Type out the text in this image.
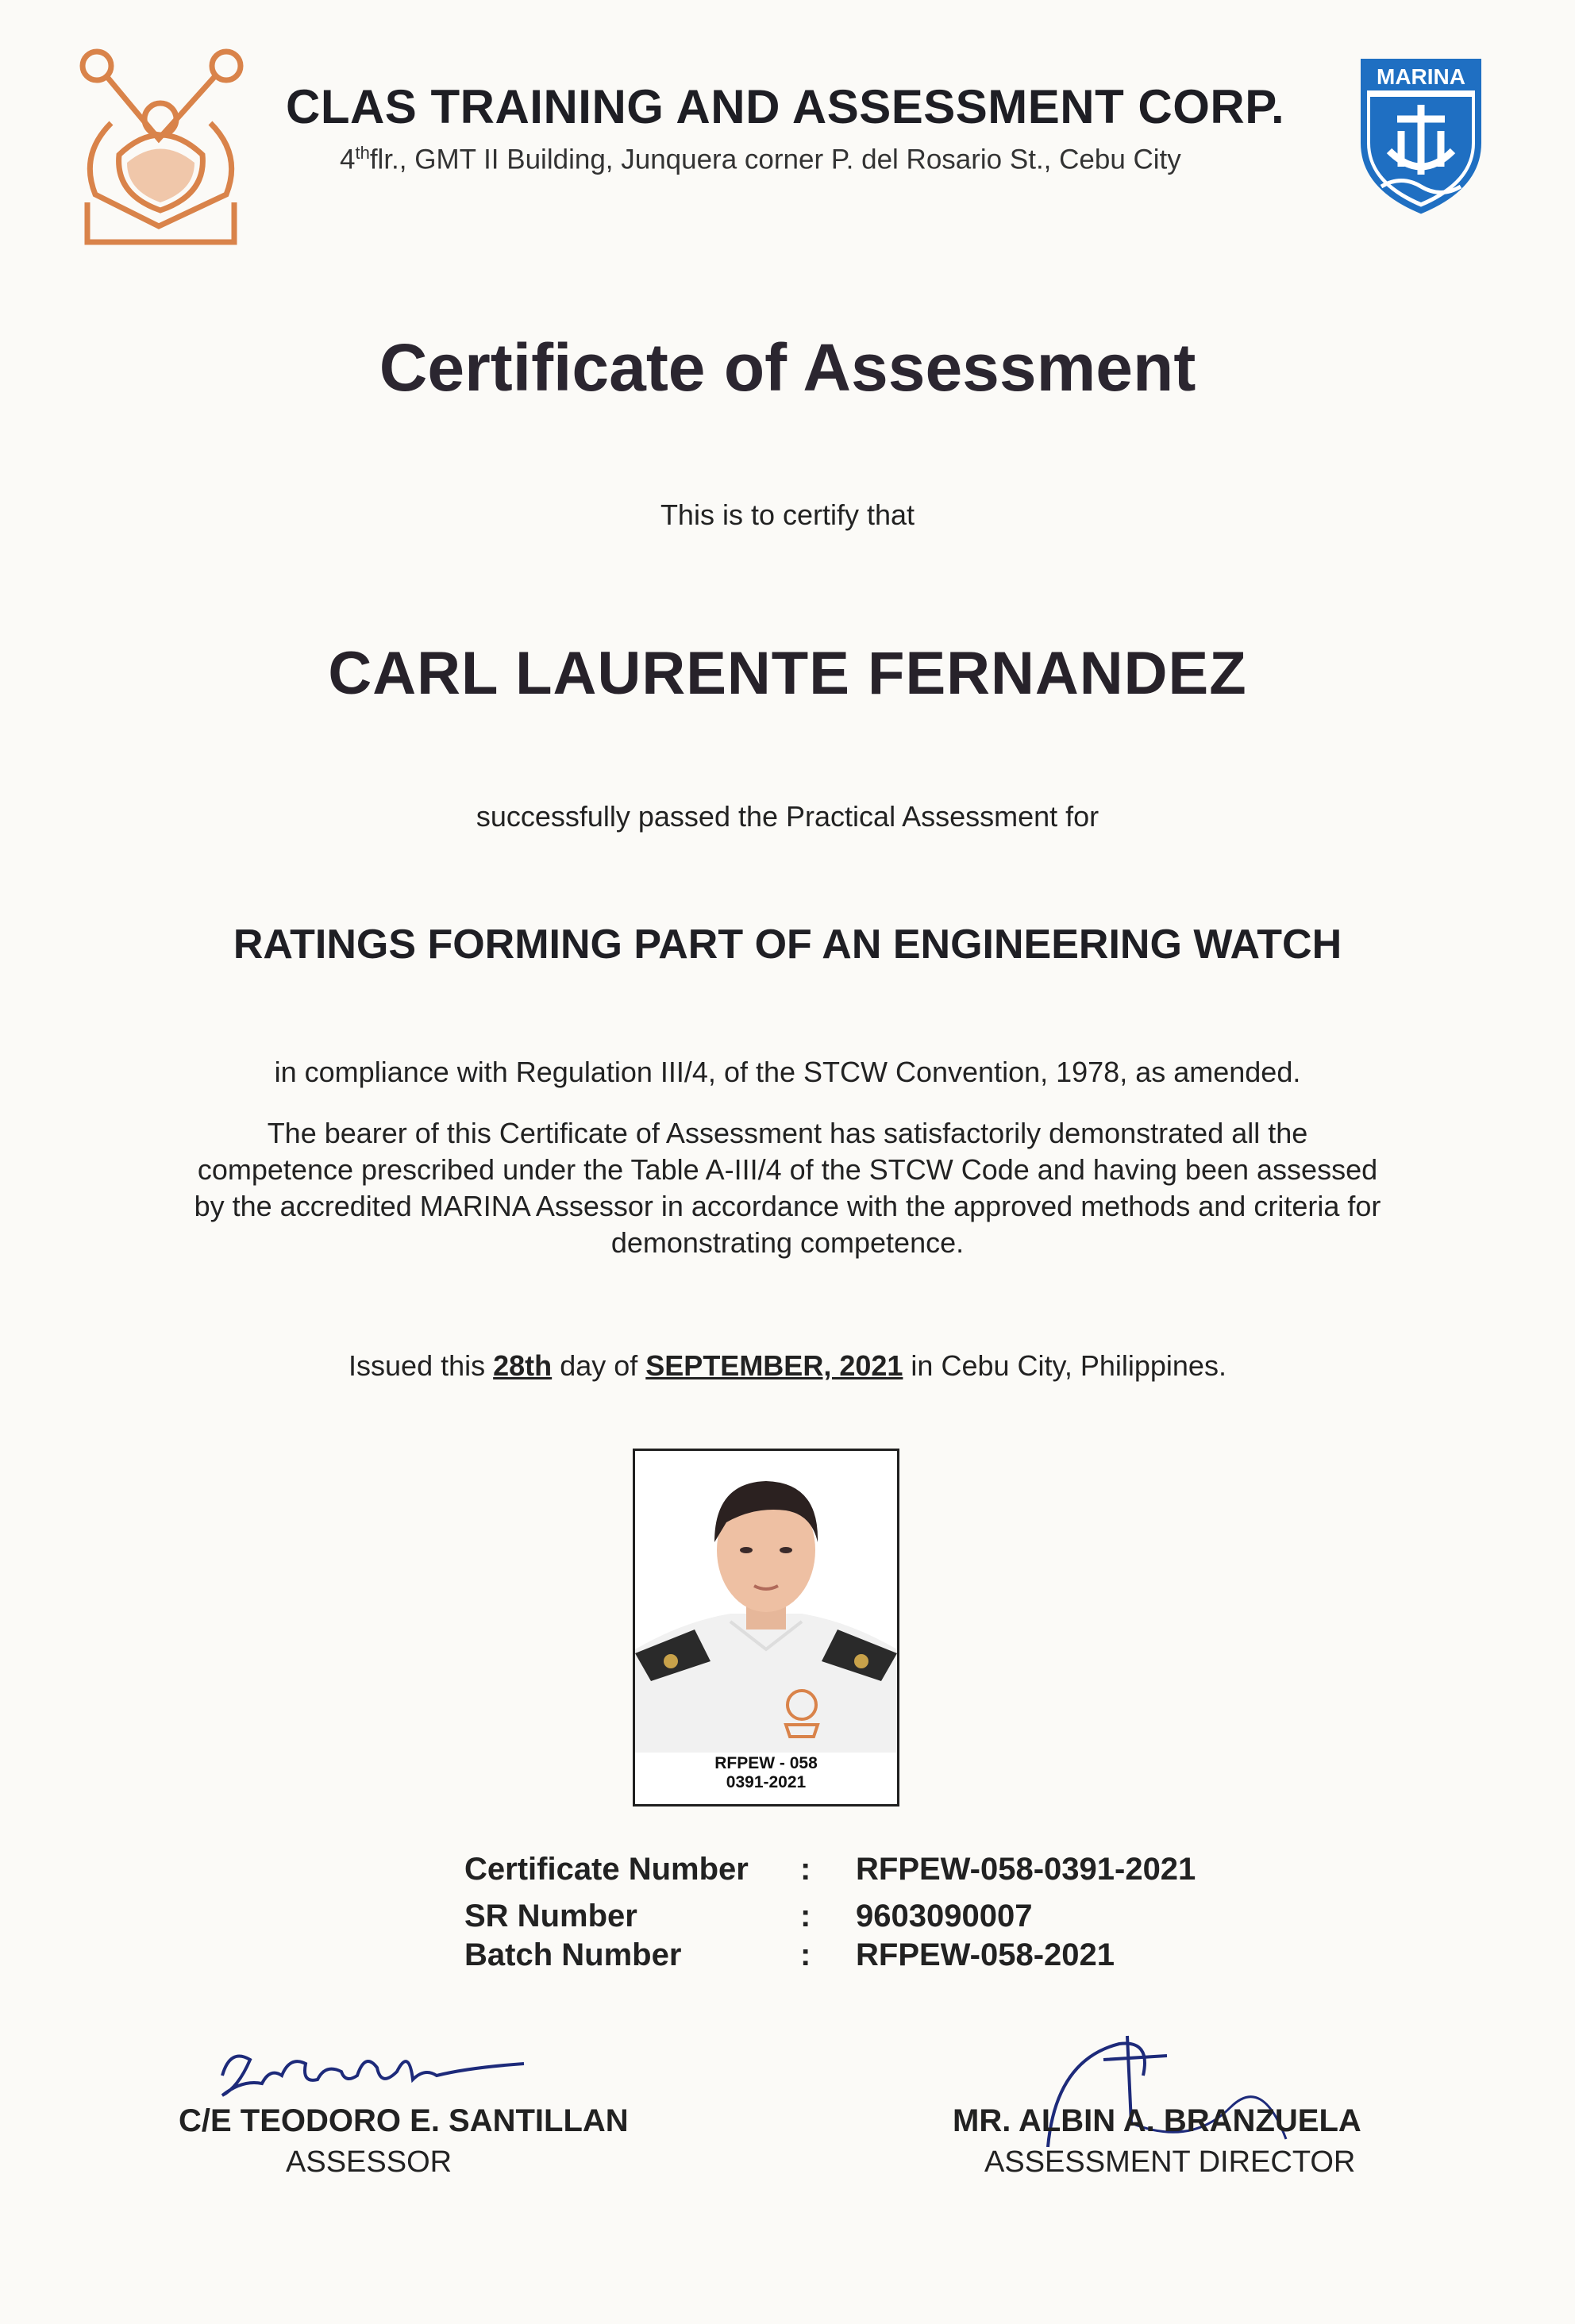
MARINA
CLAS TRAINING AND ASSESSMENT CORP.
4thflr., GMT II Building, Junquera corner P. del Rosario St., Cebu City
Certificate of Assessment
This is to certify that
CARL LAURENTE FERNANDEZ
successfully passed the Practical Assessment for
RATINGS FORMING PART OF AN ENGINEERING WATCH
in compliance with Regulation III/4, of the STCW Convention, 1978, as amended.
The bearer of this Certificate of Assessment has satisfactorily demonstrated all the competence prescribed under the Table A-III/4 of the STCW Code and having been assessed by the accredited MARINA Assessor in accordance with the approved methods and criteria for demonstrating competence.
Issued this 28th day of SEPTEMBER, 2021 in Cebu City, Philippines.
RFPEW - 058
0391-2021
Certificate Number : RFPEW-058-0391-2021
SR Number	: 9603090007
Batch Number	: RFPEW-058-2021
C/E TEODORO E. SANTILLAN
ASSESSOR
MR. ALBIN A. BRANZUELA
ASSESSMENT DIRECTOR
